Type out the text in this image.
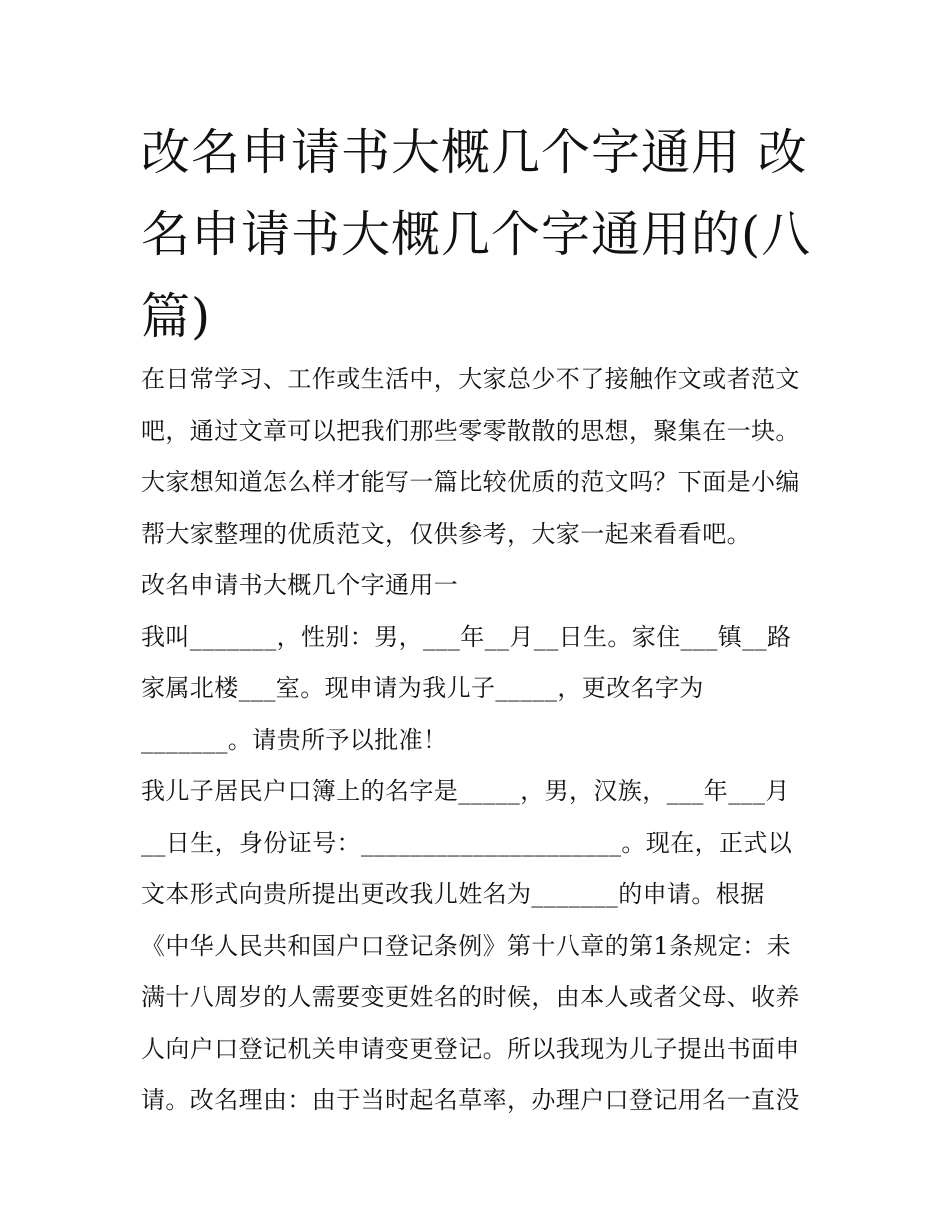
改名申请书大概几个字通用 改
名申请书大概几个字通用的(八
篇)
在日常学习、工作或生活中，大家总少不了接触作文或者范文
吧，通过文章可以把我们那些零零散散的思想，聚集在一块。
大家想知道怎么样才能写一篇比较优质的范文吗？下面是小编
帮大家整理的优质范文，仅供参考，大家一起来看看吧。
改名申请书大概几个字通用一
我叫_______，性别：男，___年__月__日生。家住___镇__路
家属北楼___室。现申请为我儿子_____，更改名字为
_______。请贵所予以批准！
我儿子居民户口簿上的名字是_____，男，汉族，___年___月
__日生，身份证号：_____________________。现在，正式以
文本形式向贵所提出更改我儿姓名为_______的申请。根据
《中华人民共和国户口登记条例》第十八章的第1条规定：未
满十八周岁的人需要变更姓名的时候，由本人或者父母、收养
人向户口登记机关申请变更登记。所以我现为儿子提出书面申
请。改名理由：由于当时起名草率，办理户口登记用名一直没
